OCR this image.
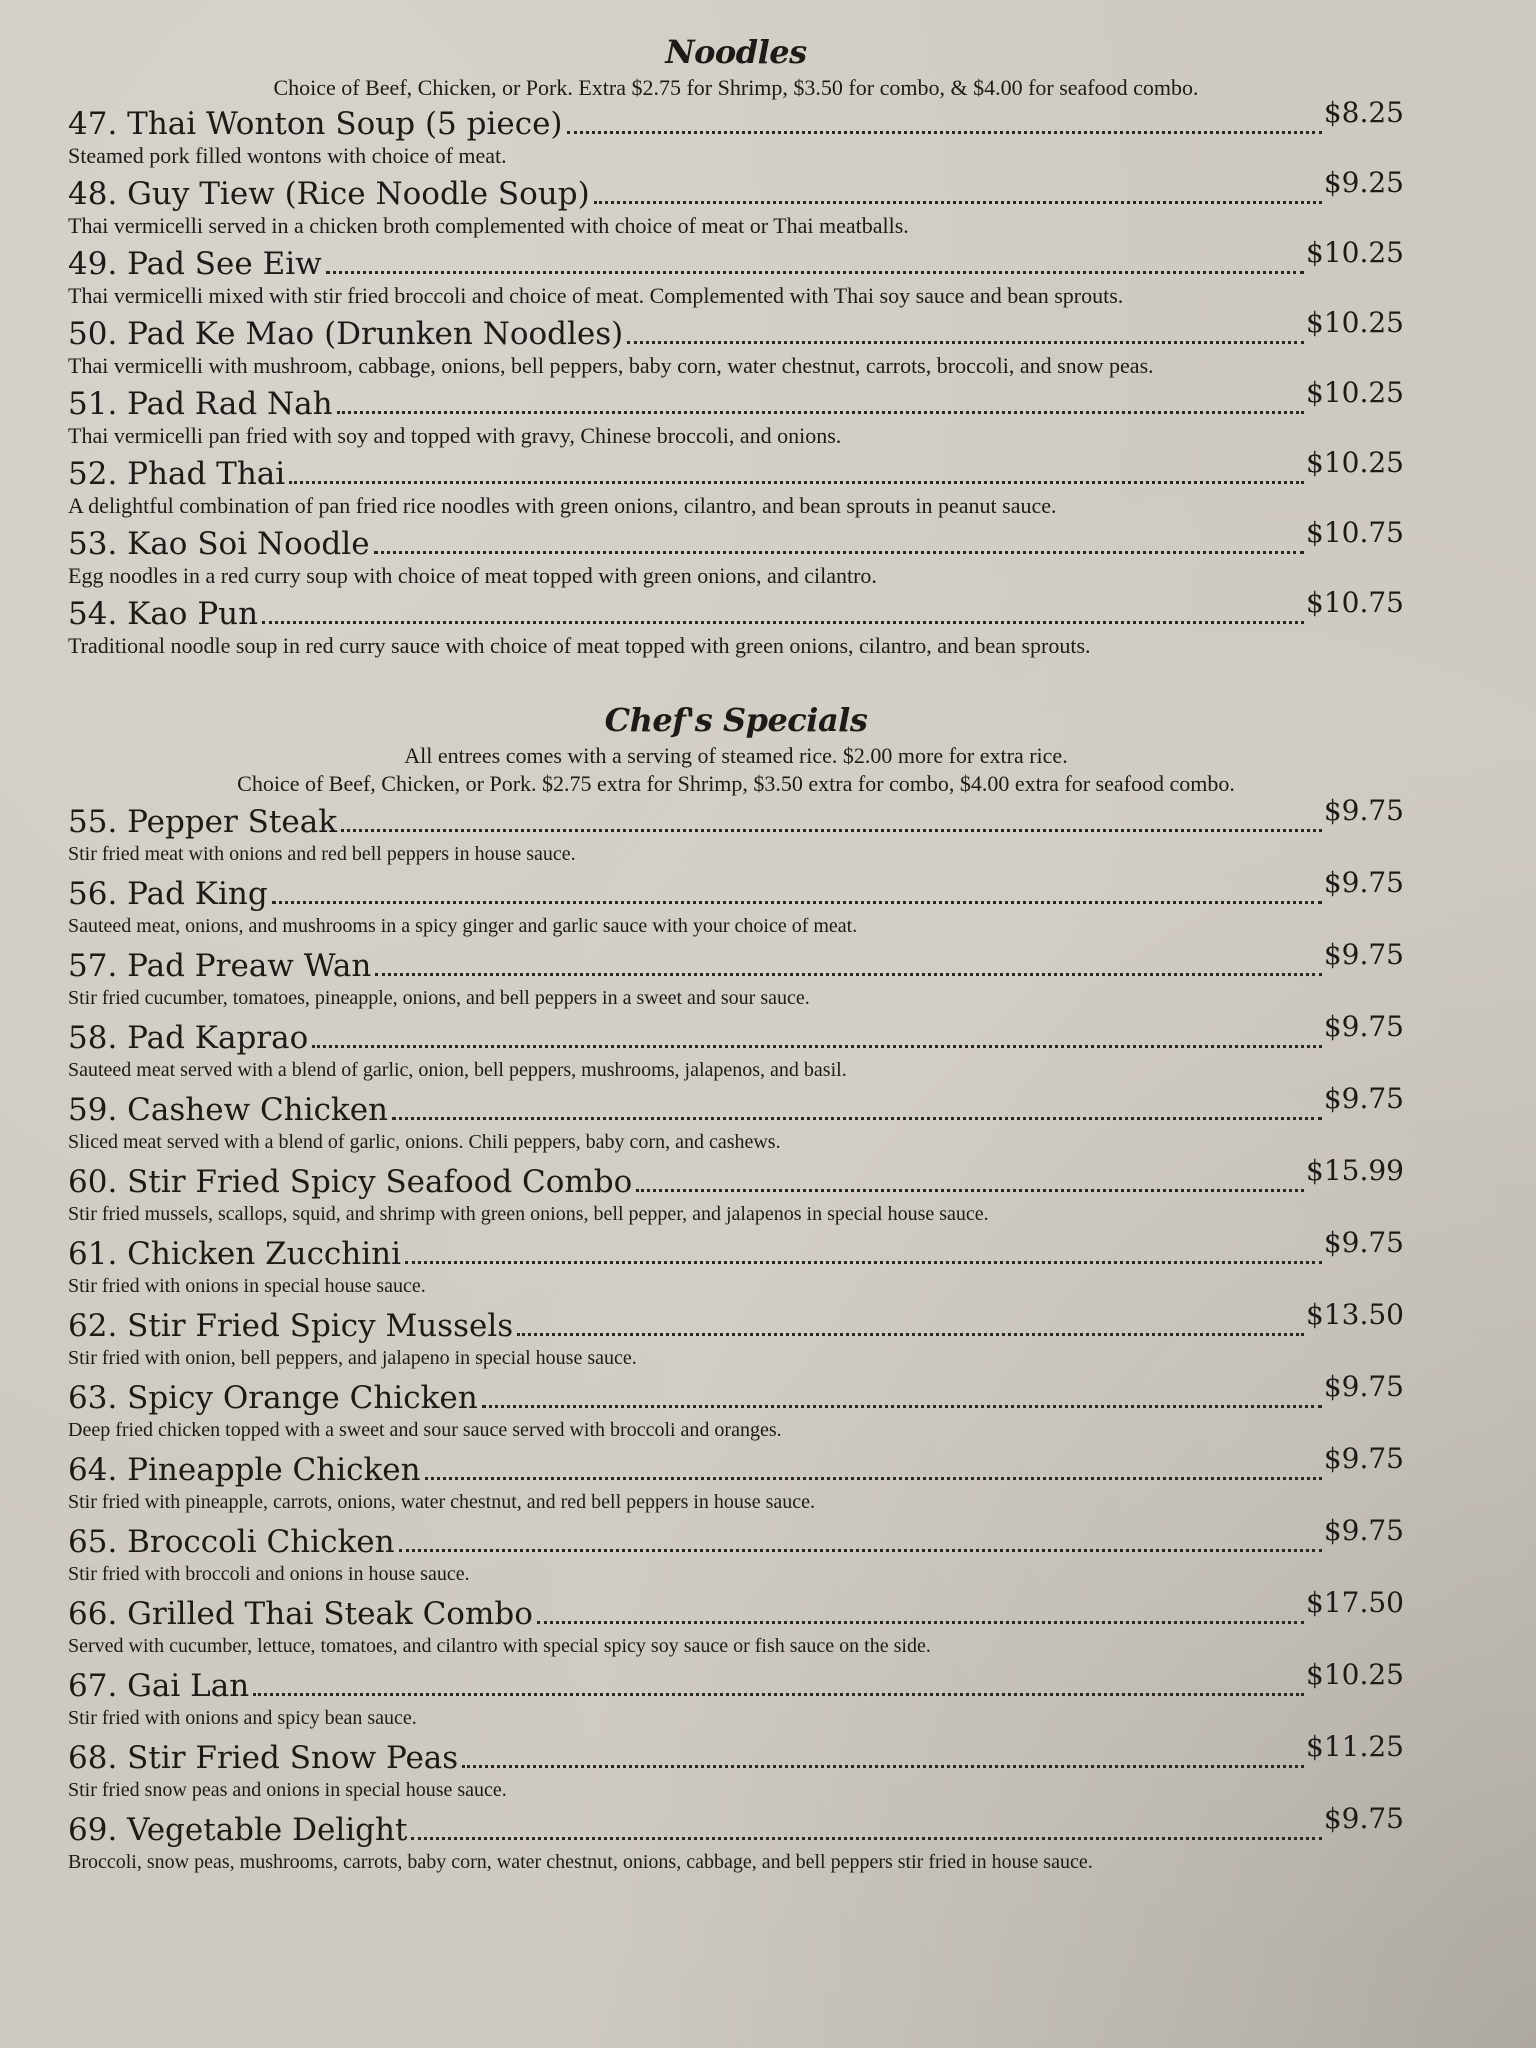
Noodles

Choice of Beef, Chicken, or Pork. Extra $2.75 for Shrimp, $3.50 for combo, & $4.00 for seafood combo.

47. Thai Wonton Soup (5 piece)	$8.25

Steamed pork filled wontons with choice of meat.

48. Guy Tiew (Rice Noodle Soup)	$9.25

Thai vermicelli served in a chicken broth complemented with choice of meat or Thai meatballs.

49. Pad See Eiw	$10.25

Thai vermicelli mixed with stir fried broccoli and choice of meat. Complemented with Thai soy sauce and bean sprouts.

50. Pad Ke Mao (Drunken Noodles)	$10.25

Thai vermicelli with mushroom, cabbage, onions, bell peppers, baby corn, water chestnut, carrots, broccoli, and snow peas.

51. Pad Rad Nah	$10.25

Thai vermicelli pan fried with soy and topped with gravy, Chinese broccoli, and onions.

52. Phad Thai	$10.25

A delightful combination of pan fried rice noodles with green onions, cilantro, and bean sprouts in peanut sauce.

53. Kao Soi Noodle	$10.75

Egg noodles in a red curry soup with choice of meat topped with green onions, and cilantro.

54. Kao Pun	$10.75

Traditional noodle soup in red curry sauce with choice of meat topped with green onions, cilantro, and bean sprouts.

Chef's Specials

All entrees comes with a serving of steamed rice. $2.00 more for extra rice.

Choice of Beef, Chicken, or Pork. $2.75 extra for Shrimp, $3.50 extra for combo, $4.00 extra for seafood combo.

55. Pepper Steak	$9.75

Stir fried meat with onions and red bell peppers in house sauce.

56. Pad King	$9.75

Sauteed meat, onions, and mushrooms in a spicy ginger and garlic sauce with your choice of meat.

57. Pad Preaw Wan	$9.75

Stir fried cucumber, tomatoes, pineapple, onions, and bell peppers in a sweet and sour sauce.

58. Pad Kaprao	$9.75

Sauteed meat served with a blend of garlic, onion, bell peppers, mushrooms, jalapenos, and basil.

59. Cashew Chicken	$9.75

Sliced meat served with a blend of garlic, onions. Chili peppers, baby corn, and cashews.

60. Stir Fried Spicy Seafood Combo	$15.99

Stir fried mussels, scallops, squid, and shrimp with green onions, bell pepper, and jalapenos in special house sauce.

61. Chicken Zucchini	$9.75

Stir fried with onions in special house sauce.

62. Stir Fried Spicy Mussels	$13.50

Stir fried with onion, bell peppers, and jalapeno in special house sauce.

63. Spicy Orange Chicken	$9.75

Deep fried chicken topped with a sweet and sour sauce served with broccoli and oranges.

64. Pineapple Chicken	$9.75

Stir fried with pineapple, carrots, onions, water chestnut, and red bell peppers in house sauce.

65. Broccoli Chicken	$9.75

Stir fried with broccoli and onions in house sauce.

66. Grilled Thai Steak Combo	$17.50

Served with cucumber, lettuce, tomatoes, and cilantro with special spicy soy sauce or fish sauce on the side.

67. Gai Lan	$10.25

Stir fried with onions and spicy bean sauce.

68. Stir Fried Snow Peas	$11.25

Stir fried snow peas and onions in special house sauce.

69. Vegetable Delight	$9.75

Broccoli, snow peas, mushrooms, carrots, baby corn, water chestnut, onions, cabbage, and bell peppers stir fried in house sauce.
